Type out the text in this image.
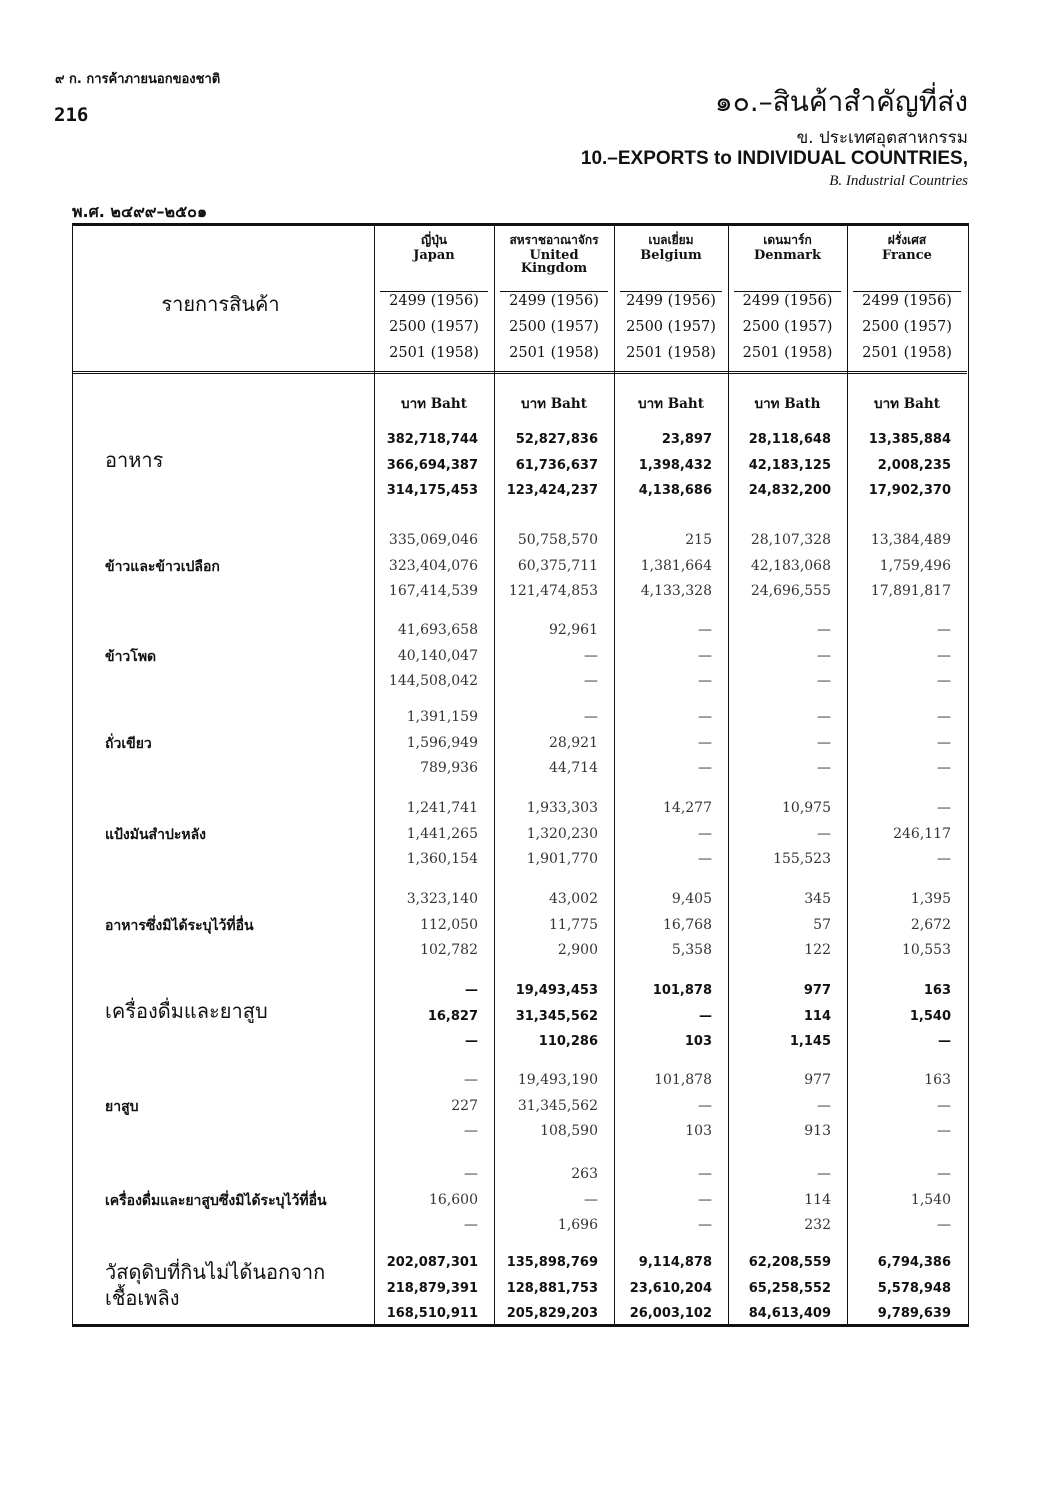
๙ ก. การค้าภายนอกของชาติ
216	๑๐.–สินค้าสำคัญที่ส่ง
ข. ประเทศอุตสาหกรรม
10.–EXPORTS to INDIVIDUAL COUNTRIES,
B. Industrial Countries
พ.ศ. ๒๔๙๙–๒๕๐๑
รายการสินค้า
ญี่ปุ่น
Japan
2499 (1956)
2500 (1957)
2501 (1958)
บาท Baht
สหราชอาณาจักร
United
Kingdom
2499 (1956)
2500 (1957)
2501 (1958)
บาท Baht
เบลเยี่ยม
Belgium
2499 (1956)
2500 (1957)
2501 (1958)
บาท Baht
เดนมาร์ก
Denmark
2499 (1956)
2500 (1957)
2501 (1958)
บาท Bath
ฝรั่งเศส
France
2499 (1956)
2500 (1957)
2501 (1958)
บาท Baht
อาหาร
382,718,744
366,694,387
314,175,453
52,827,836
61,736,637
123,424,237
23,897
1,398,432
4,138,686
28,118,648
42,183,125
24,832,200
13,385,884
2,008,235
17,902,370
ข้าวและข้าวเปลือก
335,069,046
323,404,076
167,414,539
50,758,570
60,375,711
121,474,853
215
1,381,664
4,133,328
28,107,328
42,183,068
24,696,555
13,384,489
1,759,496
17,891,817
ข้าวโพด
41,693,658
40,140,047
144,508,042
92,961
—
—
—
—
—
—
—
—
—
—
—
ถั่วเขียว
1,391,159
1,596,949
789,936
—
28,921
44,714
—
—
—
—
—
—
—
—
—
แป้งมันสำปะหลัง
1,241,741
1,441,265
1,360,154
1,933,303
1,320,230
1,901,770
14,277
—
—
10,975
—
155,523
—
246,117
—
อาหารซึ่งมิได้ระบุไว้ที่อื่น
3,323,140
112,050
102,782
43,002
11,775
2,900
9,405
16,768
5,358
345
57
122
1,395
2,672
10,553
เครื่องดื่มและยาสูบ
—
16,827
—
19,493,453
31,345,562
110,286
101,878
—
103
977
114
1,145
163
1,540
—
ยาสูบ
—
227
—
19,493,190
31,345,562
108,590
101,878
—
103
977
—
913
163
—
—
เครื่องดื่มและยาสูบซึ่งมิได้ระบุไว้ที่อื่น
—
16,600
—
263
—
1,696
—
—
—
—
114
232
—
1,540
—
วัสดุดิบที่กินไม่ได้นอกจากเชื้อเพลิง
202,087,301
218,879,391
168,510,911
135,898,769
128,881,753
205,829,203
9,114,878
23,610,204
26,003,102
62,208,559
65,258,552
84,613,409
6,794,386
5,578,948
9,789,639
